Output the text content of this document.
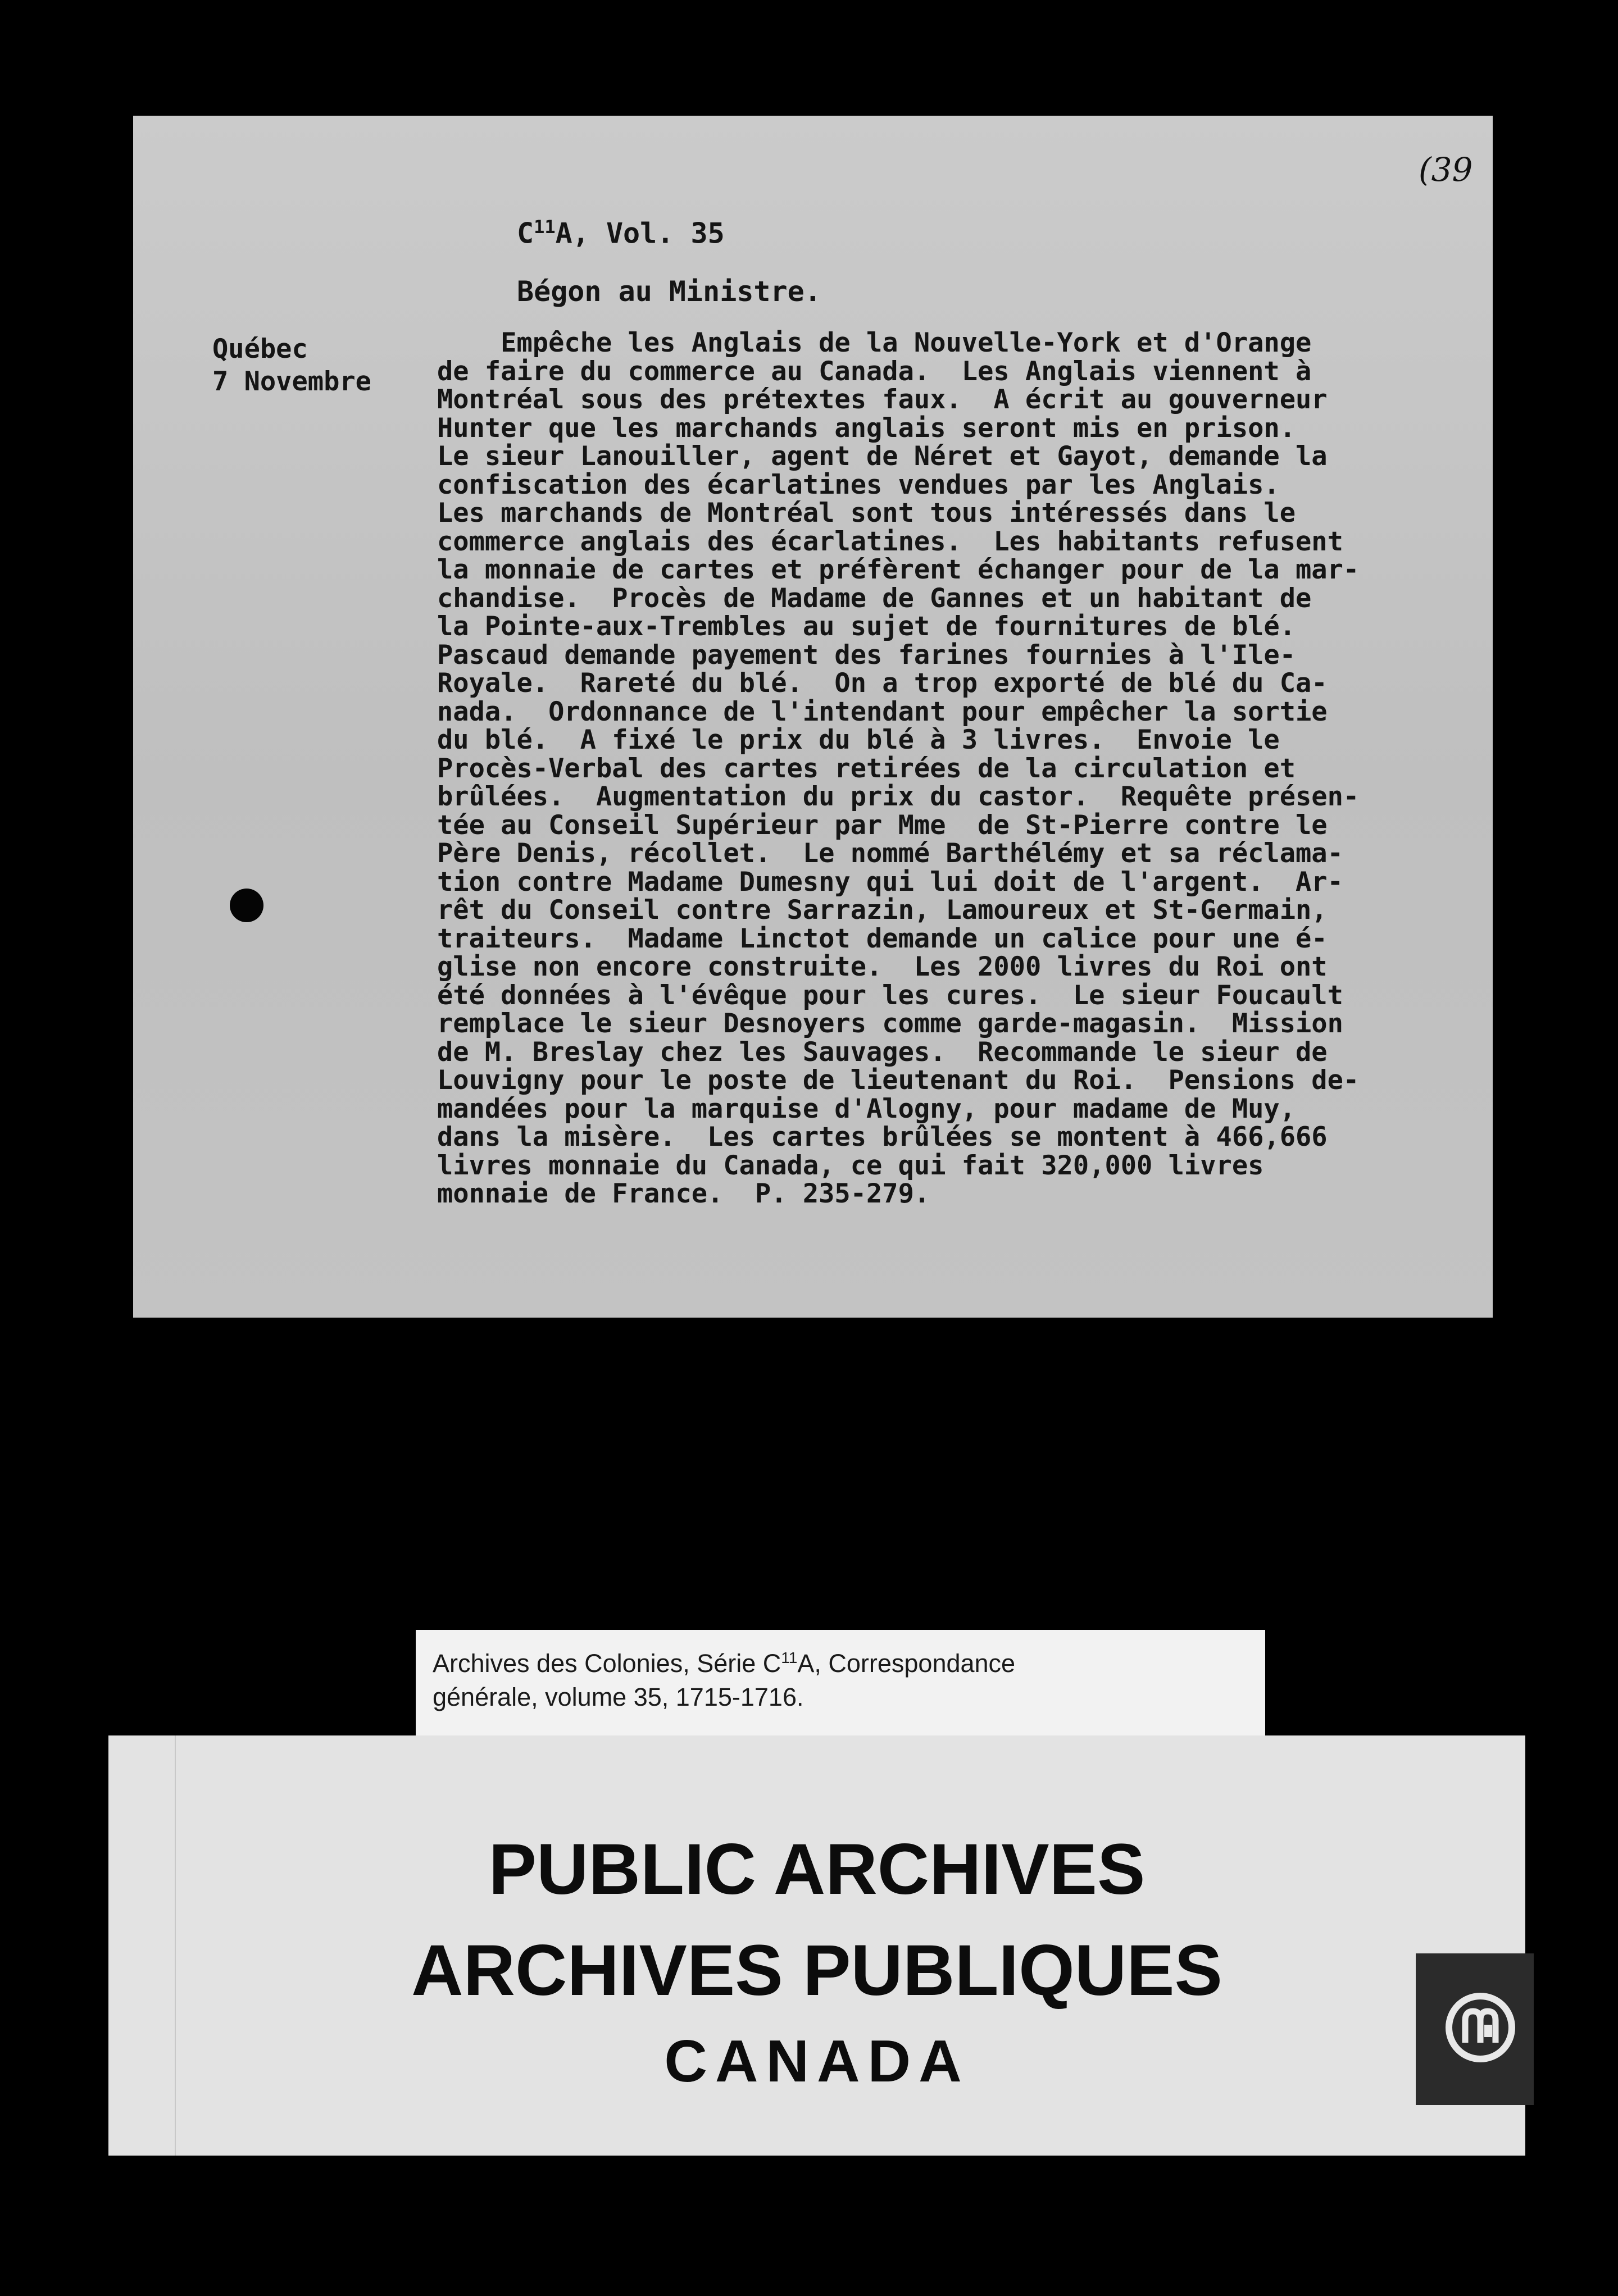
(39
$C^{11}A$, Vol. 35
Bégon au Ministre.
Québec
7 Novembre
Empêche les Anglais de la Nouvelle-York et d'Orange
de faire du commerce au Canada.  Les Anglais viennent à
Montréal sous des prétextes faux.  A écrit au gouverneur
Hunter que les marchands anglais seront mis en prison.
Le sieur Lanouiller, agent de Néret et Gayot, demande la
confiscation des écarlatines vendues par les Anglais.
Les marchands de Montréal sont tous intéressés dans le
commerce anglais des écarlatines.  Les habitants refusent
la monnaie de cartes et préfèrent échanger pour de la mar-
chandise.  Procès de Madame de Gannes et un habitant de
la Pointe-aux-Trembles au sujet de fournitures de blé.
Pascaud demande payement des farines fournies à l'Ile-
Royale.  Rareté du blé.  On a trop exporté de blé du Ca-
nada.  Ordonnance de l'intendant pour empêcher la sortie
du blé.  A fixé le prix du blé à 3 livres.  Envoie le
Procès-Verbal des cartes retirées de la circulation et
brûlées.  Augmentation du prix du castor.  Requête présen-
tée au Conseil Supérieur par Mme  de St-Pierre contre le
Père Denis, récollet.  Le nommé Barthélémy et sa réclama-
tion contre Madame Dumesny qui lui doit de l'argent.  Ar-
rêt du Conseil contre Sarrazin, Lamoureux et St-Germain,
traiteurs.  Madame Linctot demande un calice pour une é-
glise non encore construite.  Les 2000 livres du Roi ont
été données à l'évêque pour les cures.  Le sieur Foucault
remplace le sieur Desnoyers comme garde-magasin.  Mission
de M. Breslay chez les Sauvages.  Recommande le sieur de
Louvigny pour le poste de lieutenant du Roi.  Pensions de-
mandées pour la marquise d'Alogny, pour madame de Muy,
dans la misère.  Les cartes brûlées se montent à 466,666
livres monnaie du Canada, ce qui fait 320,000 livres
monnaie de France.  P. 235-279.
Archives des Colonies, Série $C^{11}A$, Correspondance
générale, volume 35, 1715-1716.
PUBLIC ARCHIVES
ARCHIVES PUBLIQUES
CANADA
